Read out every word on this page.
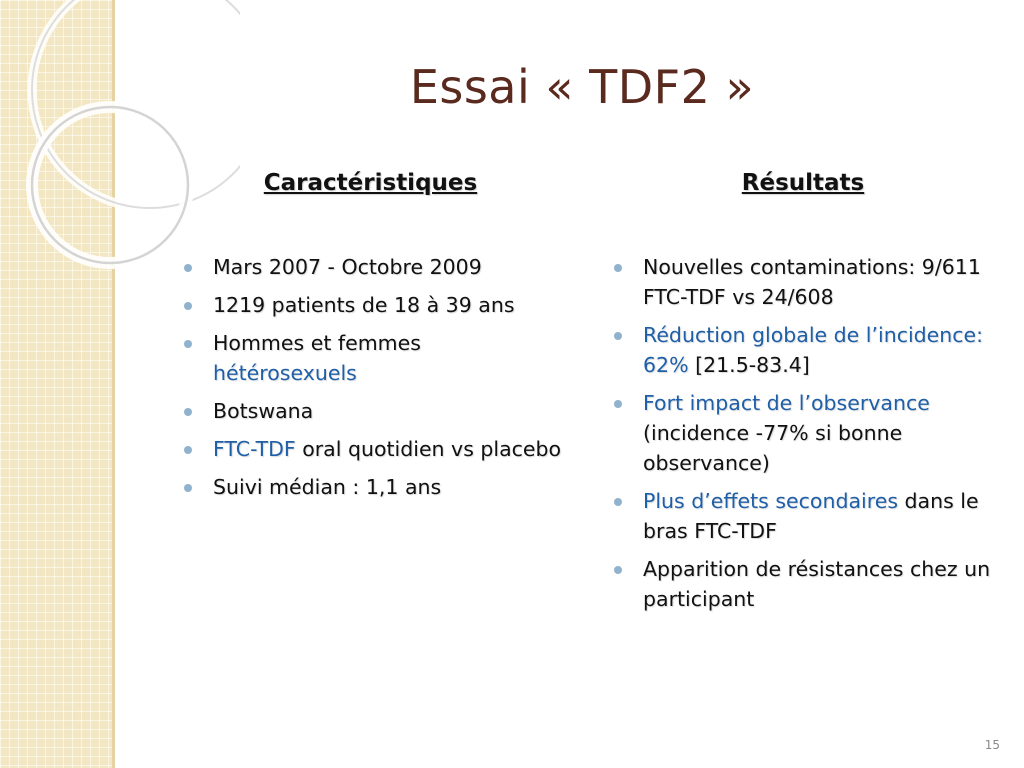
Essai « TDF2 »
Caractéristiques
Mars 2007 - Octobre 2009
1219 patients de 18 à 39 ans
Hommes et femmes hétérosexuels
Botswana
FTC-TDF oral quotidien vs placebo
Suivi médian : 1,1 ans
Résultats
Nouvelles contaminations: 9/611 FTC-TDF vs 24/608
Réduction globale de l’incidence: 62% [21.5-83.4]
Fort impact de l’observance (incidence -77% si bonne observance)
Plus d’effets secondaires dans le bras FTC-TDF
Apparition de résistances chez un participant
15
